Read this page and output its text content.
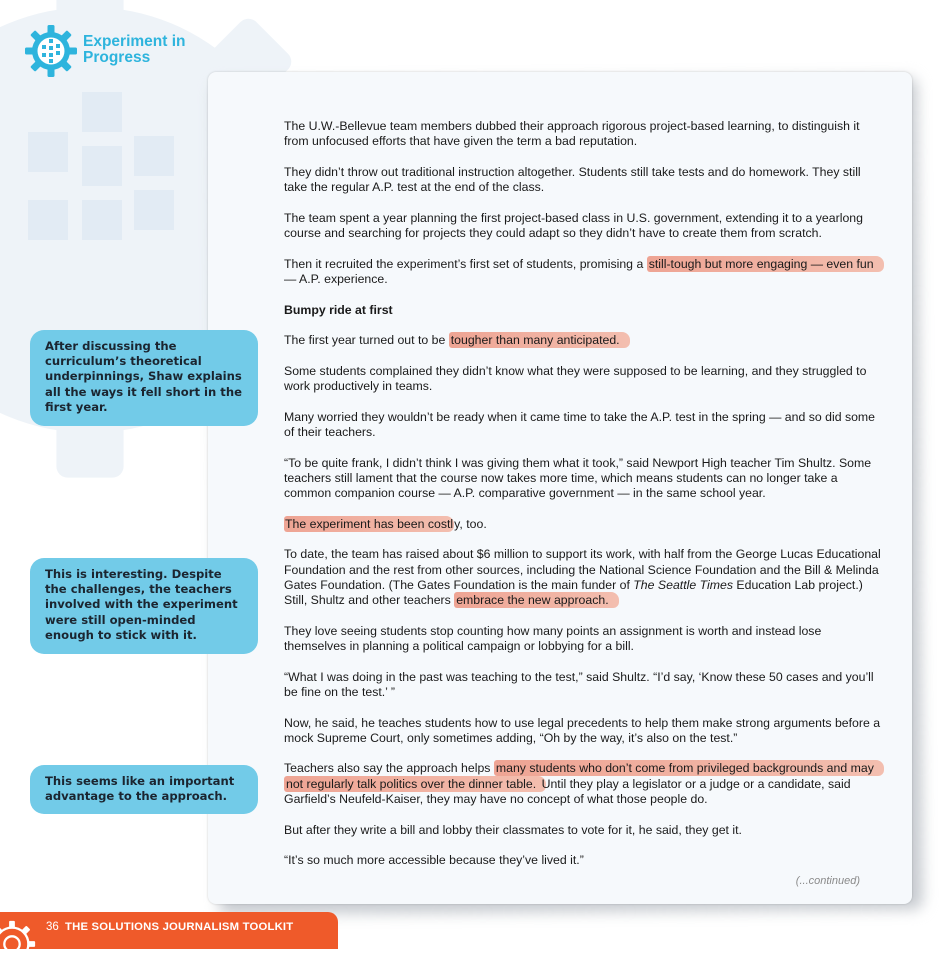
Experiment in
Progress

The U.W.-Bellevue team members dubbed their approach rigorous project-based learning, to distinguish it from unfocused efforts that have given the term a bad reputation.

They didn’t throw out traditional instruction altogether. Students still take tests and do homework. They still take the regular A.P. test at the end of the class.

The team spent a year planning the first project-based class in U.S. government, extending it to a yearlong course and searching for projects they could adapt so they didn’t have to create them from scratch.

Then it recruited the experiment’s first set of students, promising a still-tough but more engaging — even fun
— A.P. experience.

Bumpy ride at first

The first year turned out to be tougher than many anticipated.

Some students complained they didn’t know what they were supposed to be learning, and they struggled to work productively in teams.

Many worried they wouldn’t be ready when it came time to take the A.P. test in the spring — and so did some of their teachers.

“To be quite frank, I didn’t think I was giving them what it took,” said Newport High teacher Tim Shultz. Some teachers still lament that the course now takes more time, which means students can no longer take a common companion course — A.P. comparative government — in the same school year.

The experiment has been costly, too.

To date, the team has raised about $6 million to support its work, with half from the George Lucas Educational Foundation and the rest from other sources, including the National Science Foundation and the Bill & Melinda Gates Foundation. (The Gates Foundation is the main funder of The Seattle Times Education Lab project.) Still, Shultz and other teachers embrace the new approach.

They love seeing students stop counting how many points an assignment is worth and instead lose themselves in planning a political campaign or lobbying for a bill.

“What I was doing in the past was teaching to the test,” said Shultz. “I’d say, ‘Know these 50 cases and you’ll be fine on the test.’ ”

Now, he said, he teaches students how to use legal precedents to help them make strong arguments before a mock Supreme Court, only sometimes adding, “Oh by the way, it’s also on the test.”

Teachers also say the approach helps many students who don’t come from privileged backgrounds and may not regularly talk politics over the dinner table. Until they play a legislator or a judge or a candidate, said Garfield’s Neufeld-Kaiser, they may have no concept of what those people do.

But after they write a bill and lobby their classmates to vote for it, he said, they get it.

“It’s so much more accessible because they’ve lived it.”

(...continued)
After discussing the curriculum’s theoretical underpinnings, Shaw explains all the ways it fell short in the first year.
This is interesting. Despite the challenges, the teachers involved with the experiment were still open-minded enough to stick with it.
This seems like an important advantage to the approach.
36 THE SOLUTIONS JOURNALISM TOOLKIT
